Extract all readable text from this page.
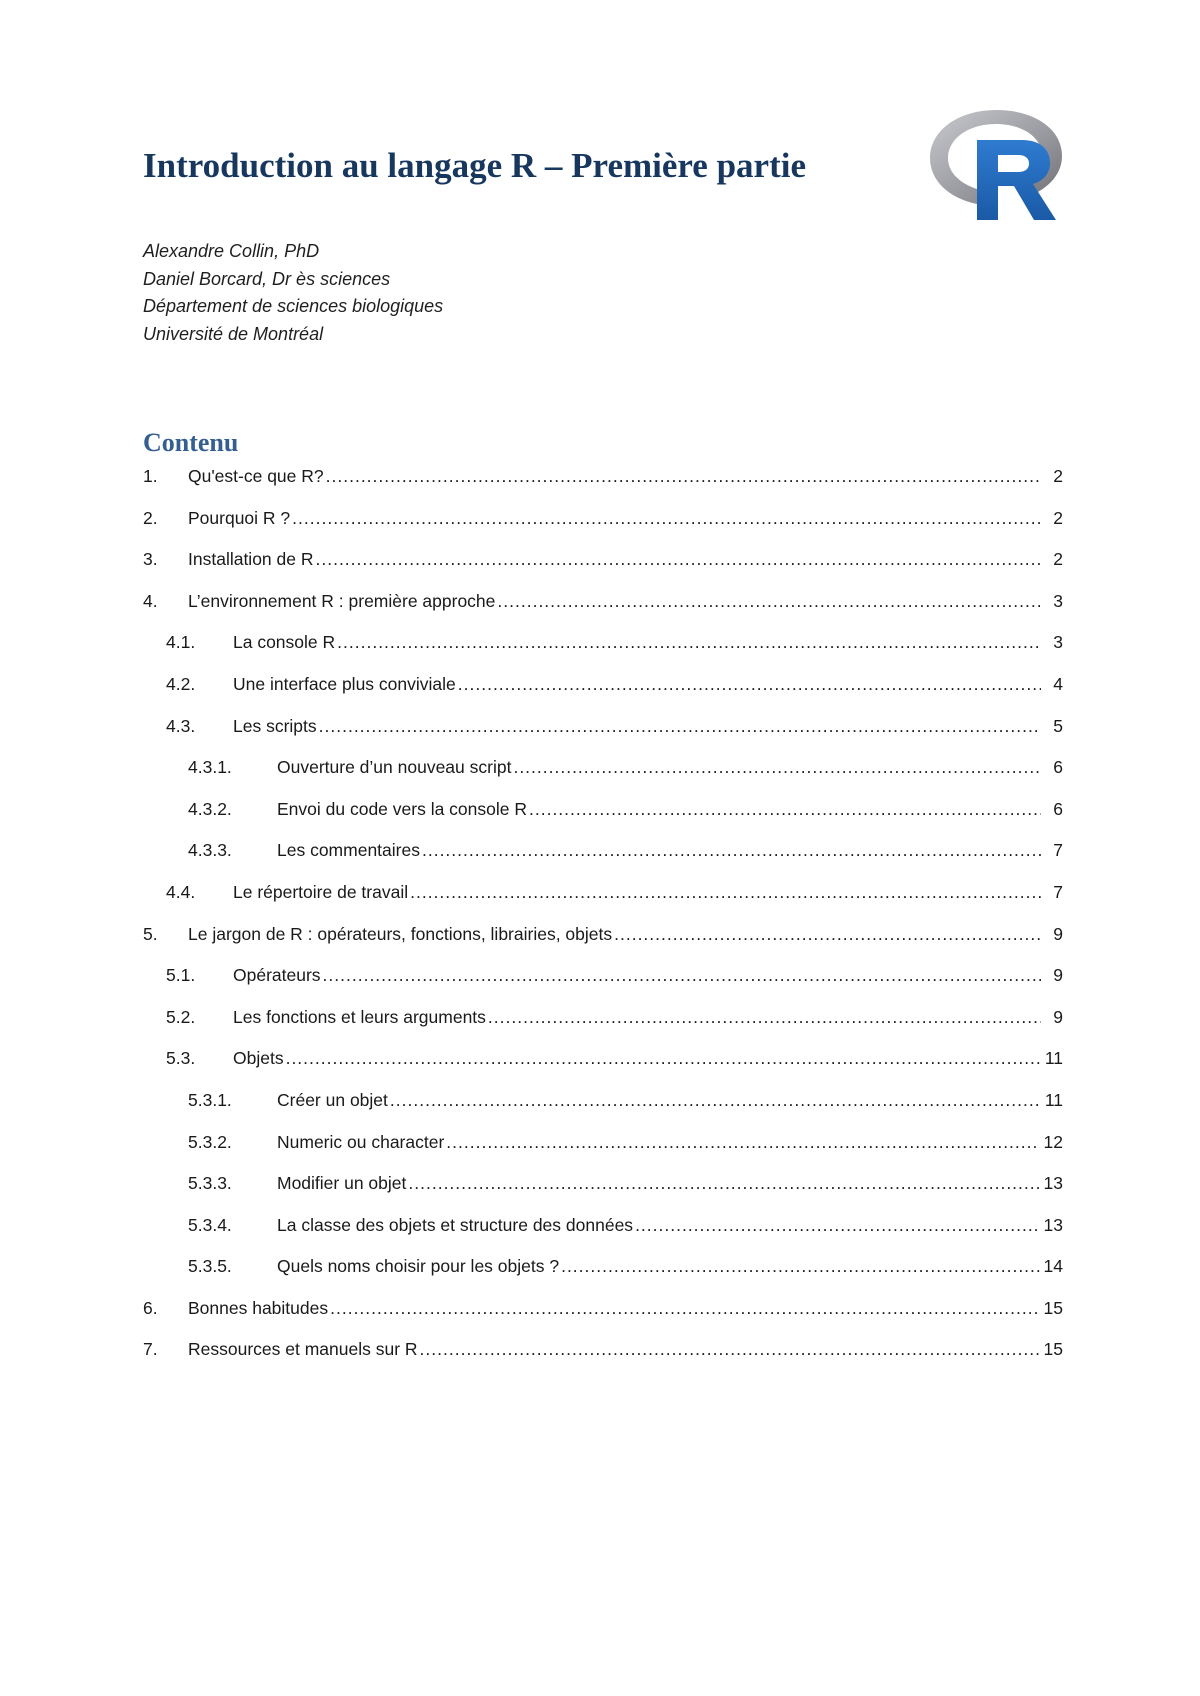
Introduction au langage R – Première partie
Alexandre Collin, PhD
Daniel Borcard, Dr ès sciences
Département de sciences biologiques
Université de Montréal
Contenu
1.	Qu'est-ce que R? .....	2
2.	Pourquoi R ? .....	2
3.	Installation de R .....	2
4.	L’environnement R : première approche .....	3
4.1.	La console R .....	3
4.2.	Une interface plus conviviale .....	4
4.3.	Les scripts .....	5
4.3.1.	Ouverture d’un nouveau script .....	6
4.3.2.	Envoi du code vers la console R .....	6
4.3.3.	Les commentaires .....	7
4.4.	Le répertoire de travail .....	7
5.	Le jargon de R : opérateurs, fonctions, librairies, objets .....	9
5.1.	Opérateurs .....	9
5.2.	Les fonctions et leurs arguments .....	9
5.3.	Objets .....	11
5.3.1.	Créer un objet .....	11
5.3.2.	Numeric ou character .....	12
5.3.3.	Modifier un objet .....	13
5.3.4.	La classe des objets et structure des données .....	13
5.3.5.	Quels noms choisir pour les objets ? .....	14
6.	Bonnes habitudes .....	15
7.	Ressources et manuels sur R .....	15
